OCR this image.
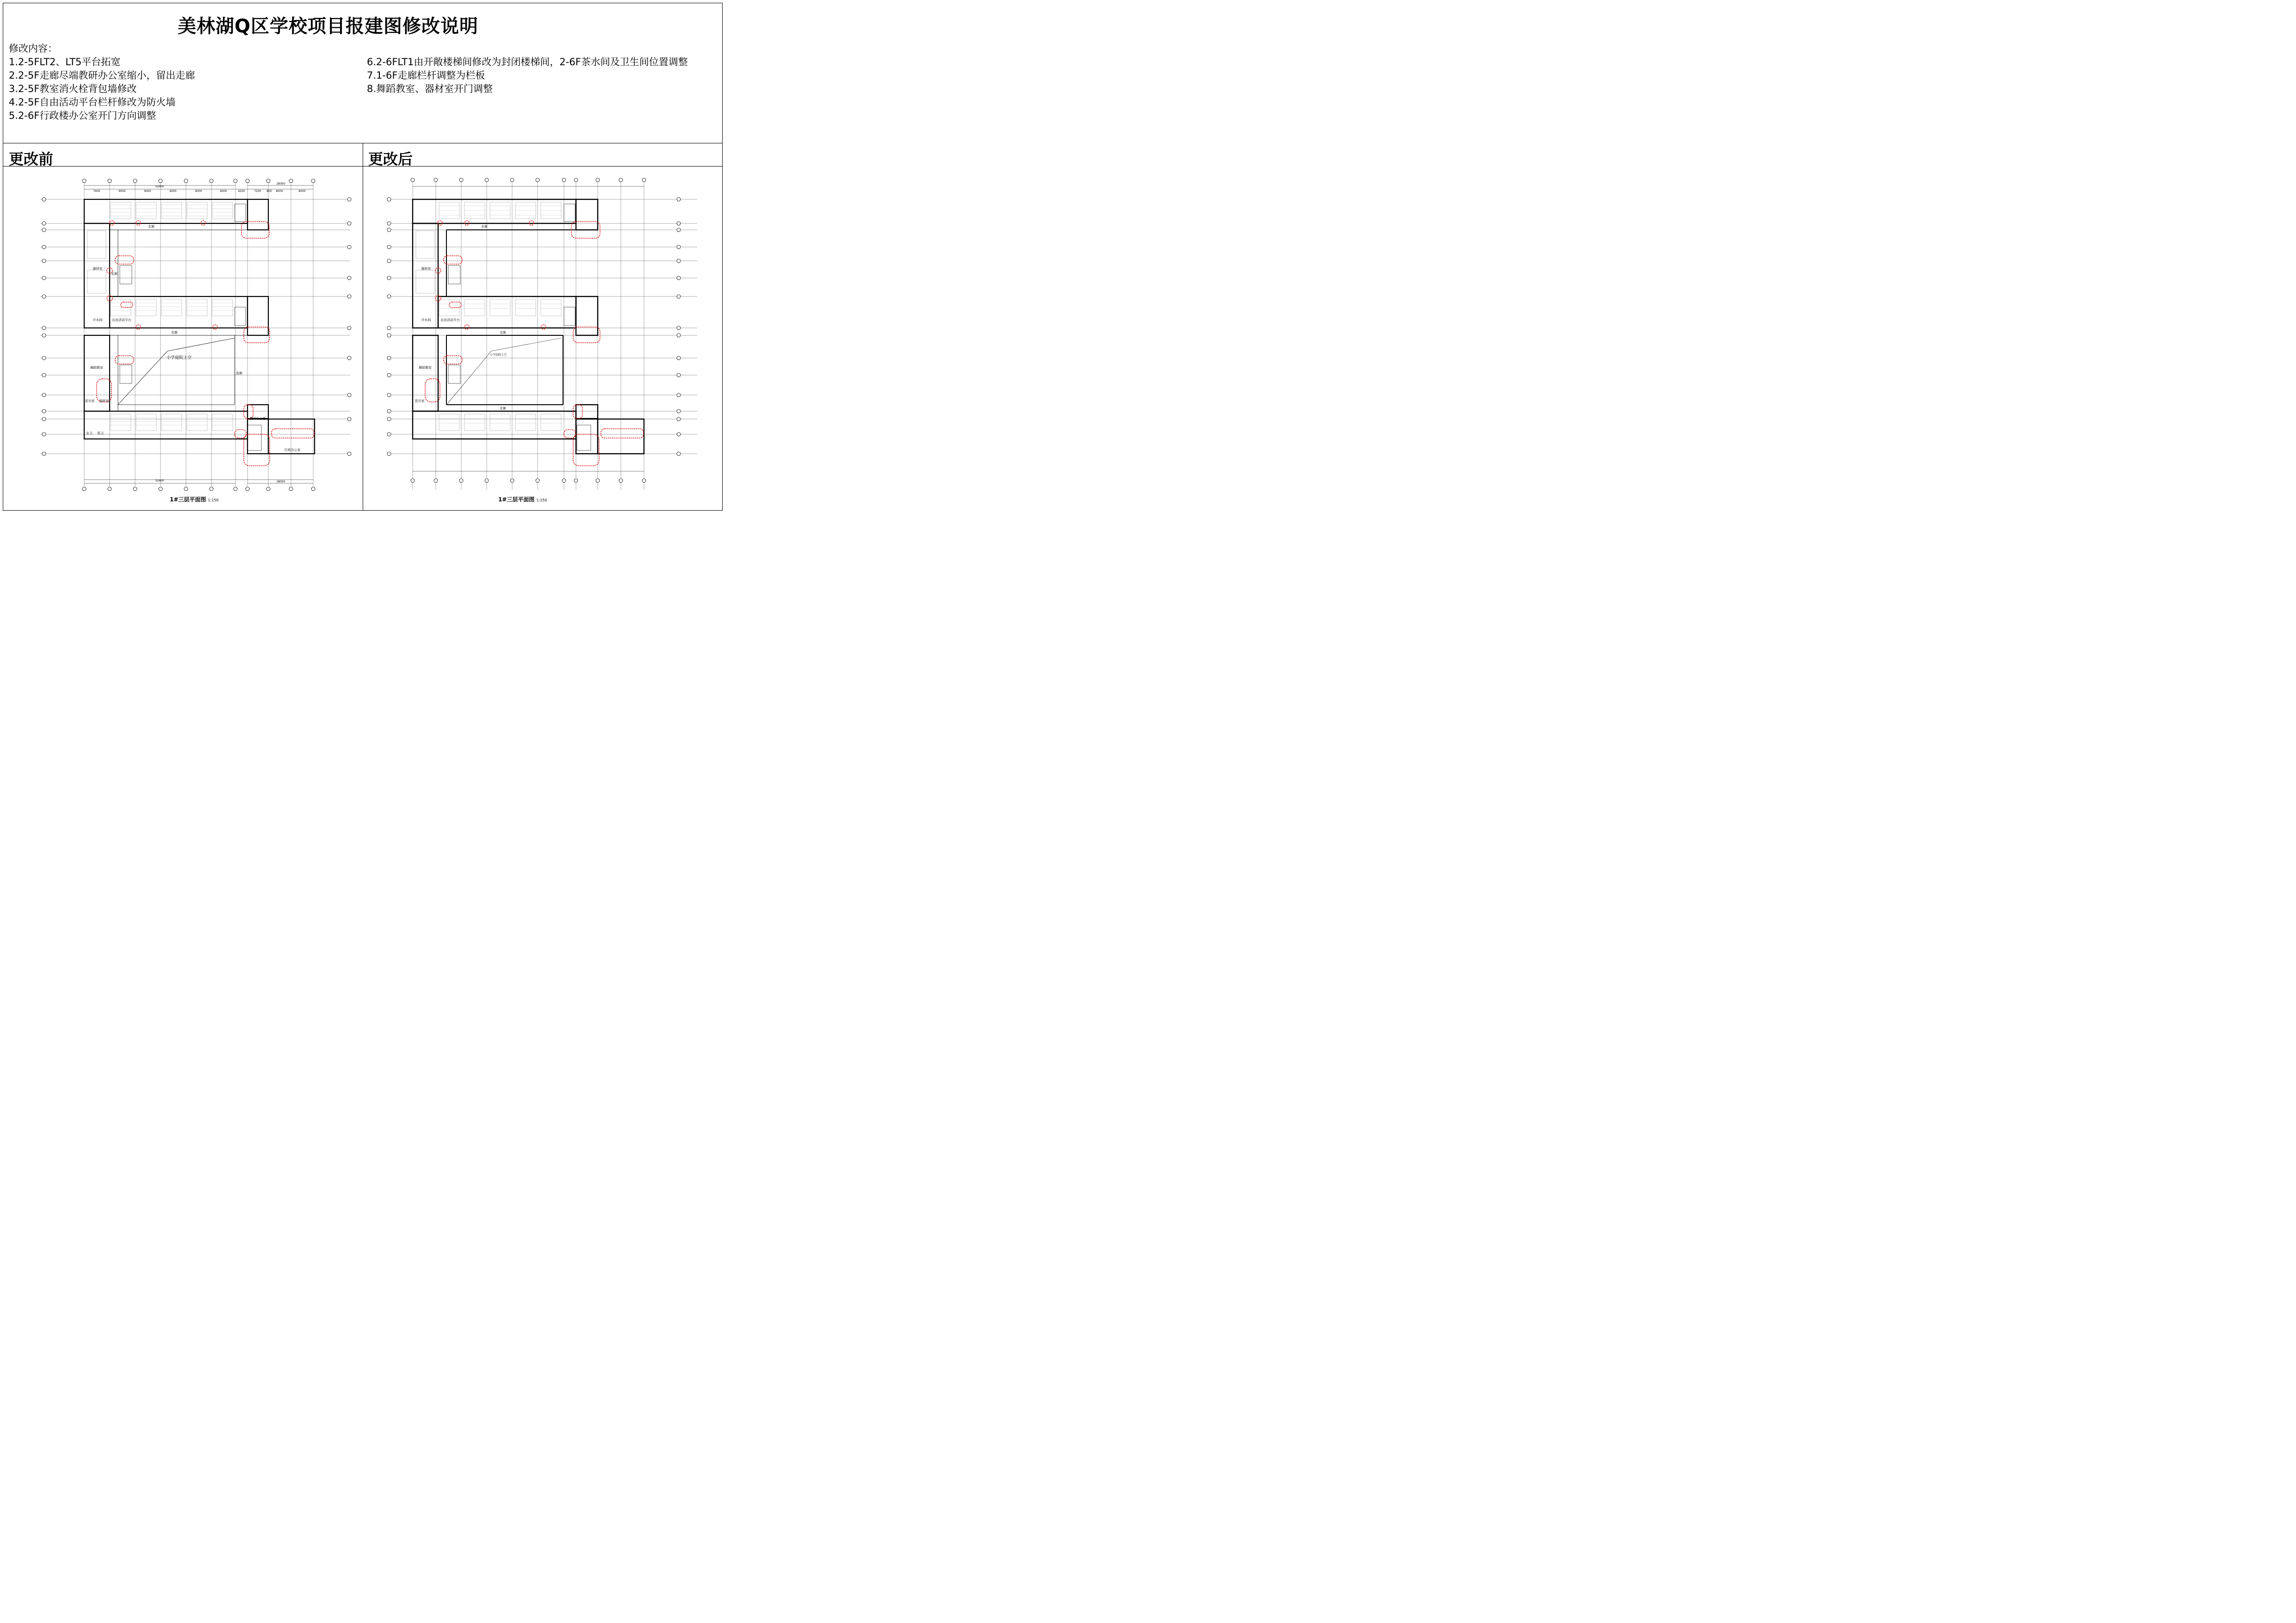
美林湖Q区学校项目报建图修改说明
修改内容：
1.2-5FLT2、LT5平台拓宽
2.2-5F走廊尽端教研办公室缩小，留出走廊
3.2-5F教室消火栓背包墙修改
4.2-5F自由活动平台栏杆修改为防火墙
5.2-6F行政楼办公室开门方向调整
6.2-6FLT1由开敞楼梯间修改为封闭楼梯间，2-6F茶水间及卫生间位置调整
7.1-6F走廊栏杆调整为栏板
8.舞蹈教室、器材室开门调整
更改前	更改后
7600	9000	9000	9000	9000	9000	4200	7200 800 8000	8000
52600
28000
52600	28000
走廊
走廊
器材室
开水间	自由活动平台
走廊
连廊
舞蹈教室
器材室
更衣室
女卫 男卫
教研办公室
行政办公室
小学庭院上空
1#三层平面图 1:150
走廊
开水间	自由活动平台
器材室
走廊
舞蹈教室
更衣室
走廊
小学庭院上空
1#三层平面图 1:150
